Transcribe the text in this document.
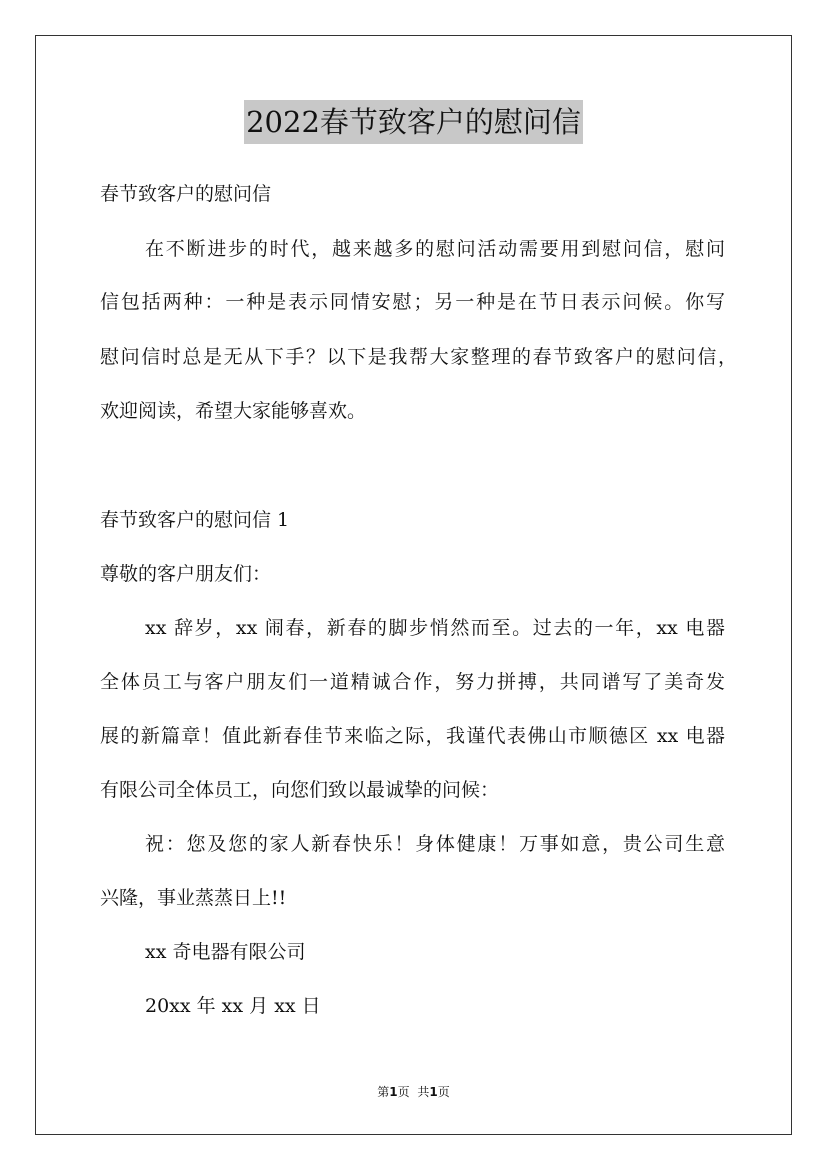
2022春节致客户的慰问信
春节致客户的慰问信
在不断进步的时代，越来越多的慰问活动需要用到慰问信，慰问
信包括两种：一种是表示同情安慰；另一种是在节日表示问候。你写
慰问信时总是无从下手？以下是我帮大家整理的春节致客户的慰问信，
欢迎阅读，希望大家能够喜欢。
春节致客户的慰问信 1
尊敬的客户朋友们：
xx 辞岁，xx 闹春，新春的脚步悄然而至。过去的一年，xx 电器
全体员工与客户朋友们一道精诚合作，努力拼搏，共同谱写了美奇发
展的新篇章！值此新春佳节来临之际，我谨代表佛山市顺德区 xx 电器
有限公司全体员工，向您们致以最诚挚的问候：
祝：您及您的家人新春快乐！身体健康！万事如意，贵公司生意
兴隆，事业蒸蒸日上!!
xx 奇电器有限公司
20xx 年 xx 月 xx 日
第1页 共1页
